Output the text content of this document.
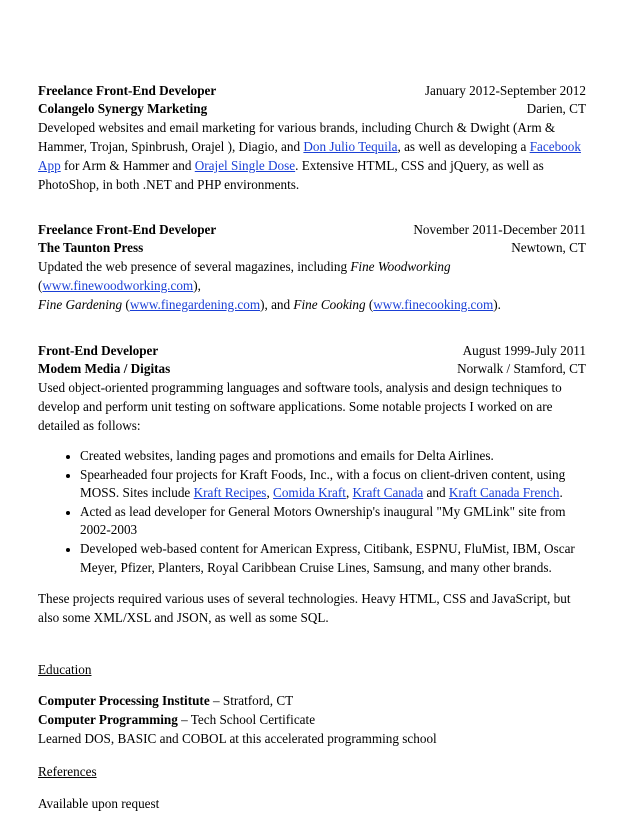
Freelance Front-End Developer	January 2012-September 2012
Colangelo Synergy Marketing	Darien, CT

Developed websites and email marketing for various brands, including Church & Dwight (Arm & Hammer, Trojan, Spinbrush, Orajel ), Diagio, and Don Julio Tequila, as well as developing a Facebook App for Arm & Hammer and Orajel Single Dose. Extensive HTML, CSS and jQuery, as well as PhotoShop, in both .NET and PHP environments.

Freelance Front-End Developer	November 2011-December 2011
The Taunton Press	Newtown, CT

Updated the web presence of several magazines, including Fine Woodworking (www.finewoodworking.com),
Fine Gardening (www.finegardening.com), and Fine Cooking (www.finecooking.com).

Front-End Developer	August 1999-July 2011
Modem Media / Digitas	Norwalk / Stamford, CT

Used object-oriented programming languages and software tools, analysis and design techniques to develop and perform unit testing on software applications. Some notable projects I worked on are detailed as follows:

• Created websites, landing pages and promotions and emails for Delta Airlines.
• Spearheaded four projects for Kraft Foods, Inc., with a focus on client-driven content, using MOSS. Sites include Kraft Recipes, Comida Kraft, Kraft Canada and Kraft Canada French.
• Acted as lead developer for General Motors Ownership's inaugural "My GMLink" site from 2002-2003
• Developed web-based content for American Express, Citibank, ESPNU, FluMist, IBM, Oscar Meyer, Pfizer, Planters, Royal Caribbean Cruise Lines, Samsung, and many other brands.

These projects required various uses of several technologies. Heavy HTML, CSS and JavaScript, but also some XML/XSL and JSON, as well as some SQL.

Education

Computer Processing Institute – Stratford, CT

Computer Programming – Tech School Certificate

Learned DOS, BASIC and COBOL at this accelerated programming school

References

Available upon request
